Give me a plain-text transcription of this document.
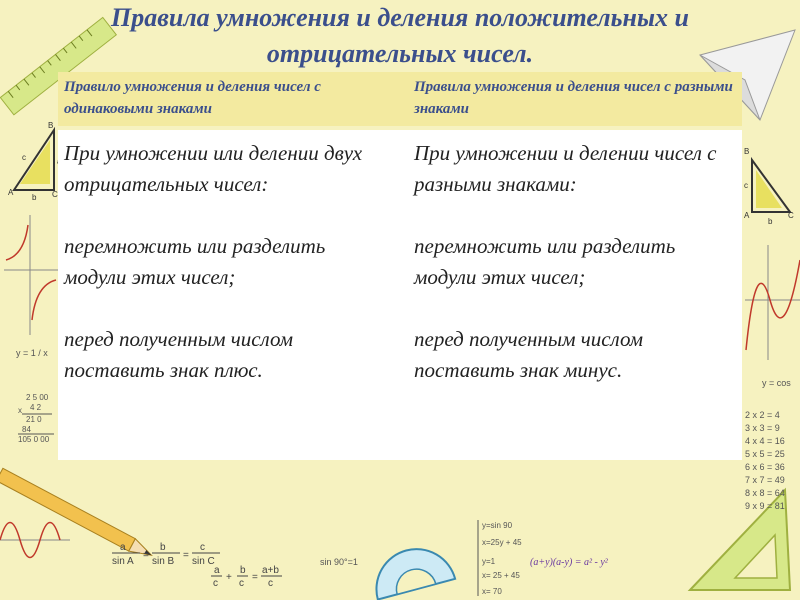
B
c
A
b C
y = 1 / x
2 5 00
4 2
x
21 0
84
105 0 00
a
sin A
=
b
sin B
=
c
sin C
a
c
+
b
c
=
a+b
c
sin 90°=1
y=sin 90
x=25y + 45
y=1
x= 25 + 45
x= 70
(a+y)(a-y) = a² - y²
B
c
A
b
C
y = cos
2 x 2 = 4
3 x 3 = 9
4 x 4 = 16
5 x 5 = 25
6 x 6 = 36
7 x 7 = 49
8 x 8 = 64
9 x 9 = 81
Правила умножения и деления положительных и отрицательных чисел.
Правило умножения и деления чисел с одинаковыми знаками
Правила умножения и деления чисел с разными знаками

При умножении или делении двух отрицательных чисел:

перемножить или разделить модули этих чисел;

перед полученным числом поставить знак плюс.

При умножении и делении чисел с разными знаками:

перемножить или разделить модули этих чисел;

перед полученным числом поставить знак минус.
